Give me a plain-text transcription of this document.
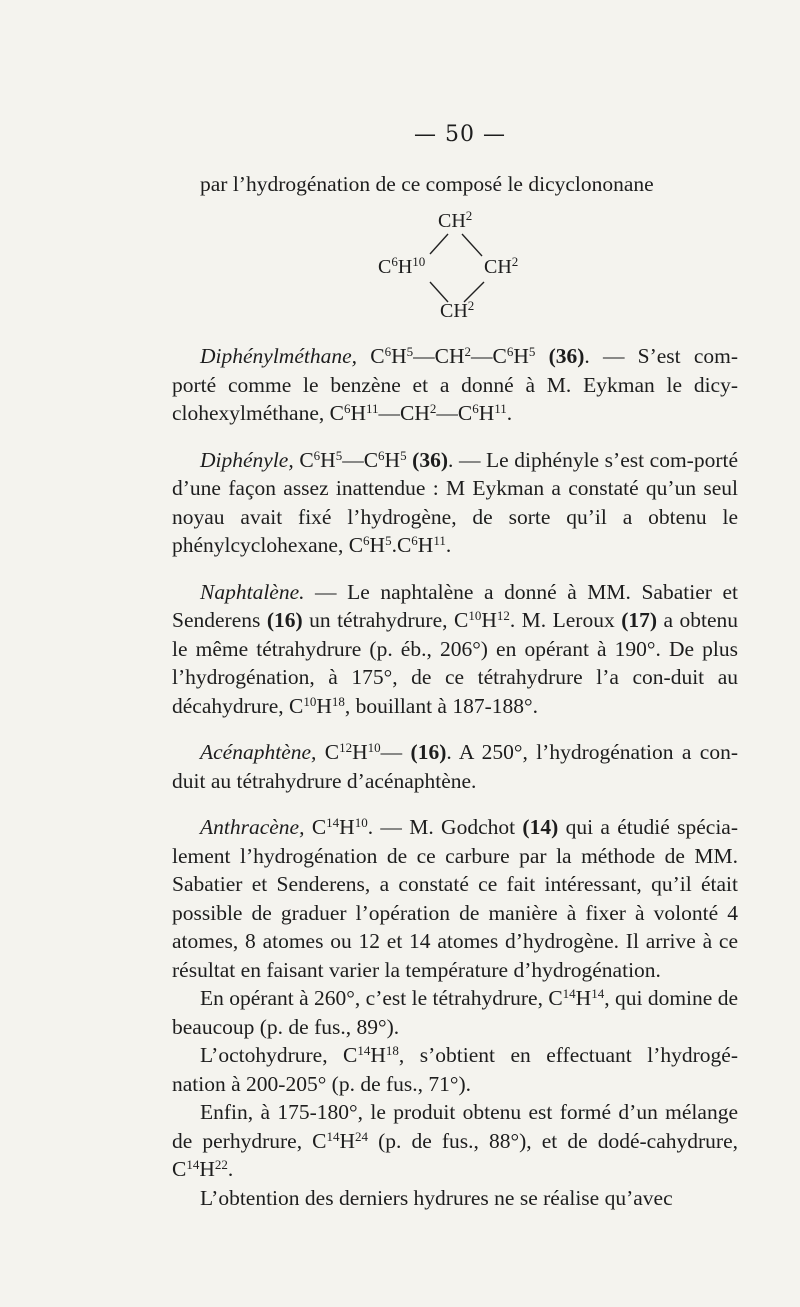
— 50 —

par l’hydrogénation de ce composé le dicyclononane

$CH^2$
$C^6H^{10}$	$CH^2$
$CH^2$

Diphénylméthane, $C^6H^5—CH^2—C^6H^5$ (36). — S’est com-porté comme le benzène et a donné à M. Eykman le dicy-clohexylméthane, $C^6H^{11}—CH^2—C^6H^{11}$.

Diphényle, $C^6H^5—C^6H^5$ (36). — Le diphényle s’est com-porté d’une façon assez inattendue : M Eykman a constaté qu’un seul noyau avait fixé l’hydrogène, de sorte qu’il a obtenu le phénylcyclohexane, $C^6H^5.C^6H^{11}$.

Naphtalène. — Le naphtalène a donné à MM. Sabatier et Senderens (16) un tétrahydrure, $C^{10}H^{12}$. M. Leroux (17) a obtenu le même tétrahydrure (p. éb., 206°) en opérant à 190°. De plus l’hydrogénation, à 175°, de ce tétrahydrure l’a con-duit au décahydrure, $C^{10}H^{18}$, bouillant à 187-188°.

Acénaphtène, $C^{12}H^{10}—$ (16). A 250°, l’hydrogénation a con-duit au tétrahydrure d’acénaphtène.

Anthracène, $C^{14}H^{10}$. — M. Godchot (14) qui a étudié spécia-lement l’hydrogénation de ce carbure par la méthode de MM. Sabatier et Senderens, a constaté ce fait intéressant, qu’il était possible de graduer l’opération de manière à fixer à volonté 4 atomes, 8 atomes ou 12 et 14 atomes d’hydrogène. Il arrive à ce résultat en faisant varier la température d’hydrogénation.

En opérant à 260°, c’est le tétrahydrure, $C^{14}H^{14}$, qui domine de beaucoup (p. de fus., 89°).

L’octohydrure, $C^{14}H^{18}$, s’obtient en effectuant l’hydrogé-nation à 200-205° (p. de fus., 71°).

Enfin, à 175-180°, le produit obtenu est formé d’un mélange de perhydrure, $C^{14}H^{24}$ (p. de fus., 88°), et de dodé-cahydrure, $C^{14}H^{22}$.

L’obtention des derniers hydrures ne se réalise qu’avec
